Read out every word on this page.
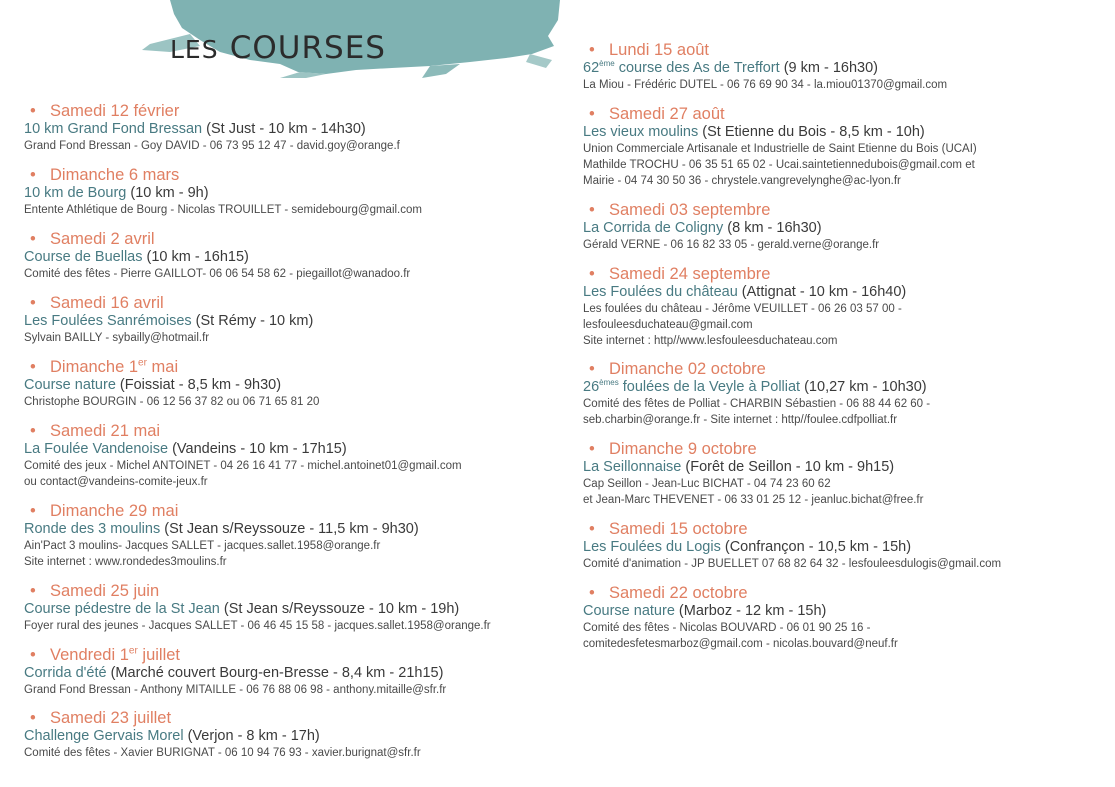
LES COURSES
• Samedi 12 février
10 km Grand Fond Bressan (St Just - 10 km - 14h30)
Grand Fond Bressan - Goy DAVID - 06 73 95 12 47 - david.goy@orange.f
• Dimanche 6 mars
10 km de Bourg (10 km - 9h)
Entente Athlétique de Bourg - Nicolas TROUILLET - semidebourg@gmail.com
• Samedi 2 avril
Course de Buellas (10 km - 16h15)
Comité des fêtes - Pierre GAILLOT- 06 06 54 58 62 - piegaillot@wanadoo.fr
• Samedi 16 avril
Les Foulées Sanrémoises (St Rémy - 10 km)
Sylvain BAILLY - sybailly@hotmail.fr
• Dimanche 1er mai
Course nature (Foissiat - 8,5 km - 9h30)
Christophe BOURGIN - 06 12 56 37 82 ou 06 71 65 81 20
• Samedi 21 mai
La Foulée Vandenoise (Vandeins - 10 km - 17h15)
Comité des jeux - Michel ANTOINET - 04 26 16 41 77 - michel.antoinet01@gmail.com
ou contact@vandeins-comite-jeux.fr
• Dimanche 29 mai
Ronde des 3 moulins (St Jean s/Reyssouze - 11,5 km - 9h30)
Ain'Pact 3 moulins- Jacques SALLET - jacques.sallet.1958@orange.fr
Site internet : www.rondedes3moulins.fr
• Samedi 25 juin
Course pédestre de la St Jean (St Jean s/Reyssouze - 10 km - 19h)
Foyer rural des jeunes - Jacques SALLET - 06 46 45 15 58 - jacques.sallet.1958@orange.fr
• Vendredi 1er juillet
Corrida d'été (Marché couvert Bourg-en-Bresse - 8,4 km - 21h15)
Grand Fond Bressan - Anthony MITAILLE - 06 76 88 06 98 - anthony.mitaille@sfr.fr
• Samedi 23 juillet
Challenge Gervais Morel (Verjon - 8 km - 17h)
Comité des fêtes - Xavier BURIGNAT - 06 10 94 76 93 - xavier.burignat@sfr.fr
• Lundi 15 août
62ème course des As de Treffort (9 km - 16h30)
La Miou - Frédéric DUTEL - 06 76 69 90 34 - la.miou01370@gmail.com
• Samedi 27 août
Les vieux moulins (St Etienne du Bois - 8,5 km - 10h)
Union Commerciale Artisanale et Industrielle de Saint Etienne du Bois (UCAI)
Mathilde TROCHU - 06 35 51 65 02 - Ucai.saintetiennedubois@gmail.com et
Mairie - 04 74 30 50 36 - chrystele.vangrevelynghe@ac-lyon.fr
• Samedi 03 septembre
La Corrida de Coligny (8 km - 16h30)
Gérald VERNE - 06 16 82 33 05 - gerald.verne@orange.fr
• Samedi 24 septembre
Les Foulées du château (Attignat - 10 km - 16h40)
Les foulées du château - Jérôme VEUILLET - 06 26 03 57 00 -
lesfouleesduchateau@gmail.com
Site internet : http//www.lesfouleesduchateau.com
• Dimanche 02 octobre
26èmes foulées de la Veyle à Polliat (10,27 km - 10h30)
Comité des fêtes de Polliat - CHARBIN Sébastien - 06 88 44 62 60 -
seb.charbin@orange.fr - Site internet : http//foulee.cdfpolliat.fr
• Dimanche 9 octobre
La Seillonnaise (Forêt de Seillon - 10 km - 9h15)
Cap Seillon - Jean-Luc BICHAT - 04 74 23 60 62
et Jean-Marc THEVENET - 06 33 01 25 12 - jeanluc.bichat@free.fr
• Samedi 15 octobre
Les Foulées du Logis (Confrançon - 10,5 km - 15h)
Comité d'animation - JP BUELLET 07 68 82 64 32 - lesfouleesdulogis@gmail.com
• Samedi 22 octobre
Course nature (Marboz - 12 km - 15h)
Comité des fêtes - Nicolas BOUVARD - 06 01 90 25 16 -
comitedesfetesmarboz@gmail.com - nicolas.bouvard@neuf.fr
